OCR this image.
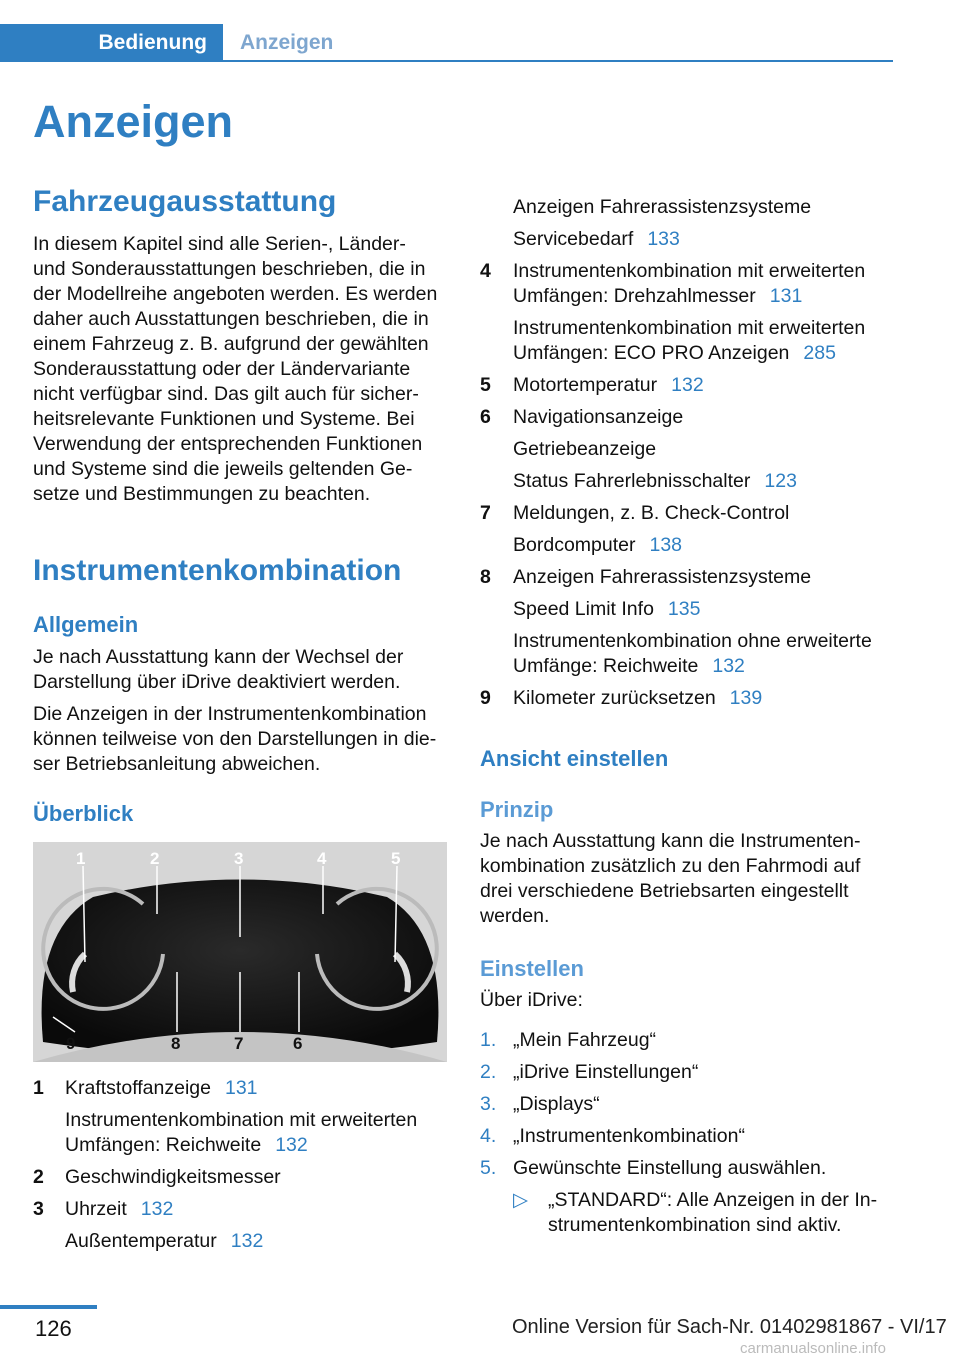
Bedienung	Anzeigen
Anzeigen
Fahrzeugausstattung
In diesem Kapitel sind alle Serien-, Länder-
und Sonderausstattungen beschrieben, die in
der Modellreihe angeboten werden. Es werden
daher auch Ausstattungen beschrieben, die in
einem Fahrzeug z. B. aufgrund der gewählten
Sonderausstattung oder der Ländervariante
nicht verfügbar sind. Das gilt auch für sicher-
heitsrelevante Funktionen und Systeme. Bei
Verwendung der entsprechenden Funktionen
und Systeme sind die jeweils geltenden Ge-
setze und Bestimmungen zu beachten.
Instrumentenkombination
Allgemein
Je nach Ausstattung kann der Wechsel der
Darstellung über iDrive deaktiviert werden.
Die Anzeigen in der Instrumentenkombination
können teilweise von den Darstellungen in die-
ser Betriebsanleitung abweichen.
Überblick
1	2	3	4	5
9	8	7	6
1 Kraftstoffanzeige 131
Instrumentenkombination mit erweiterten
Umfängen: Reichweite 132
2 Geschwindigkeitsmesser
3 Uhrzeit 132
Außentemperatur 132
Anzeigen Fahrerassistenzsysteme
Servicebedarf 133
4 Instrumentenkombination mit erweiterten
Umfängen: Drehzahlmesser 131
Instrumentenkombination mit erweiterten
Umfängen: ECO PRO Anzeigen 285
5 Motortemperatur 132
6 Navigationsanzeige
Getriebeanzeige
Status Fahrerlebnisschalter 123
7 Meldungen, z. B. Check-Control
Bordcomputer 138
8 Anzeigen Fahrerassistenzsysteme
Speed Limit Info 135
Instrumentenkombination ohne erweiterte
Umfänge: Reichweite 132
9 Kilometer zurücksetzen 139
Ansicht einstellen
Prinzip
Je nach Ausstattung kann die Instrumenten-
kombination zusätzlich zu den Fahrmodi auf
drei verschiedene Betriebsarten eingestellt
werden.
Einstellen
Über iDrive:
1. „Mein Fahrzeug“
2. „iDrive Einstellungen“
3. „Displays“
4. „Instrumentenkombination“
5. Gewünschte Einstellung auswählen.
▷ „STANDARD“: Alle Anzeigen in der In-
strumentenkombination sind aktiv.
126	Online Version für Sach-Nr. 01402981867 - VI/17
carmanualsonline.info
